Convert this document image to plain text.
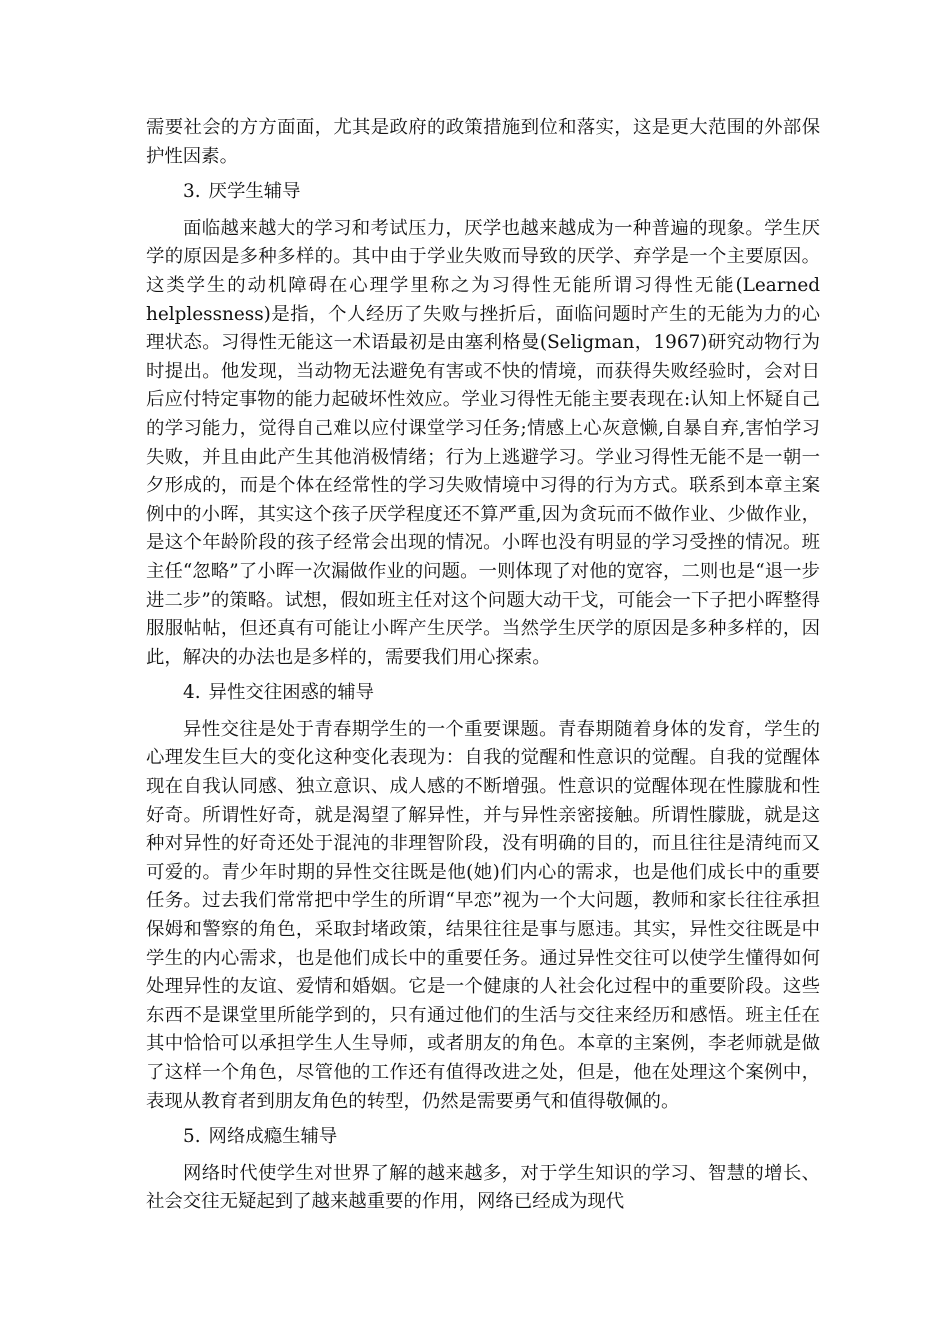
需要社会的方方面面，尤其是政府的政策措施到位和落实，这是更大范围的外部保护性因素。

3. 厌学生辅导

面临越来越大的学习和考试压力，厌学也越来越成为一种普遍的现象。学生厌学的原因是多种多样的。其中由于学业失败而导致的厌学、弃学是一个主要原因。这类学生的动机障碍在心理学里称之为习得性无能所谓习得性无能(Learned helplessness)是指，个人经历了失败与挫折后，面临问题时产生的无能为力的心理状态。习得性无能这一术语最初是由塞利格曼(Seligman，1967)研究动物行为时提出。他发现，当动物无法避免有害或不快的情境，而获得失败经验时，会对日后应付特定事物的能力起破坏性效应。学业习得性无能主要表现在:认知上怀疑自己的学习能力，觉得自己难以应付课堂学习任务;情感上心灰意懒,自暴自弃,害怕学习失败，并且由此产生其他消极情绪；行为上逃避学习。学业习得性无能不是一朝一夕形成的，而是个体在经常性的学习失败情境中习得的行为方式。联系到本章主案例中的小晖，其实这个孩子厌学程度还不算严重,因为贪玩而不做作业、少做作业，是这个年龄阶段的孩子经常会出现的情况。小晖也没有明显的学习受挫的情况。班主任“忽略”了小晖一次漏做作业的问题。一则体现了对他的宽容，二则也是“退一步进二步”的策略。试想，假如班主任对这个问题大动干戈，可能会一下子把小晖整得服服帖帖，但还真有可能让小晖产生厌学。当然学生厌学的原因是多种多样的，因此，解决的办法也是多样的，需要我们用心探索。

4. 异性交往困惑的辅导

异性交往是处于青春期学生的一个重要课题。青春期随着身体的发育，学生的心理发生巨大的变化这种变化表现为：自我的觉醒和性意识的觉醒。自我的觉醒体现在自我认同感、独立意识、成人感的不断增强。性意识的觉醒体现在性朦胧和性好奇。所谓性好奇，就是渴望了解异性，并与异性亲密接触。所谓性朦胧，就是这种对异性的好奇还处于混沌的非理智阶段，没有明确的目的，而且往往是清纯而又可爱的。青少年时期的异性交往既是他(她)们内心的需求，也是他们成长中的重要任务。过去我们常常把中学生的所谓“早恋”视为一个大问题，教师和家长往往承担保姆和警察的角色，采取封堵政策，结果往往是事与愿违。其实，异性交往既是中学生的内心需求，也是他们成长中的重要任务。通过异性交往可以使学生懂得如何处理异性的友谊、爱情和婚姻。它是一个健康的人社会化过程中的重要阶段。这些东西不是课堂里所能学到的，只有通过他们的生活与交往来经历和感悟。班主任在其中恰恰可以承担学生人生导师，或者朋友的角色。本章的主案例，李老师就是做了这样一个角色，尽管他的工作还有值得改进之处，但是，他在处理这个案例中，表现从教育者到朋友角色的转型，仍然是需要勇气和值得敬佩的。

5. 网络成瘾生辅导

网络时代使学生对世界了解的越来越多，对于学生知识的学习、智慧的增长、社会交往无疑起到了越来越重要的作用，网络已经成为现代
